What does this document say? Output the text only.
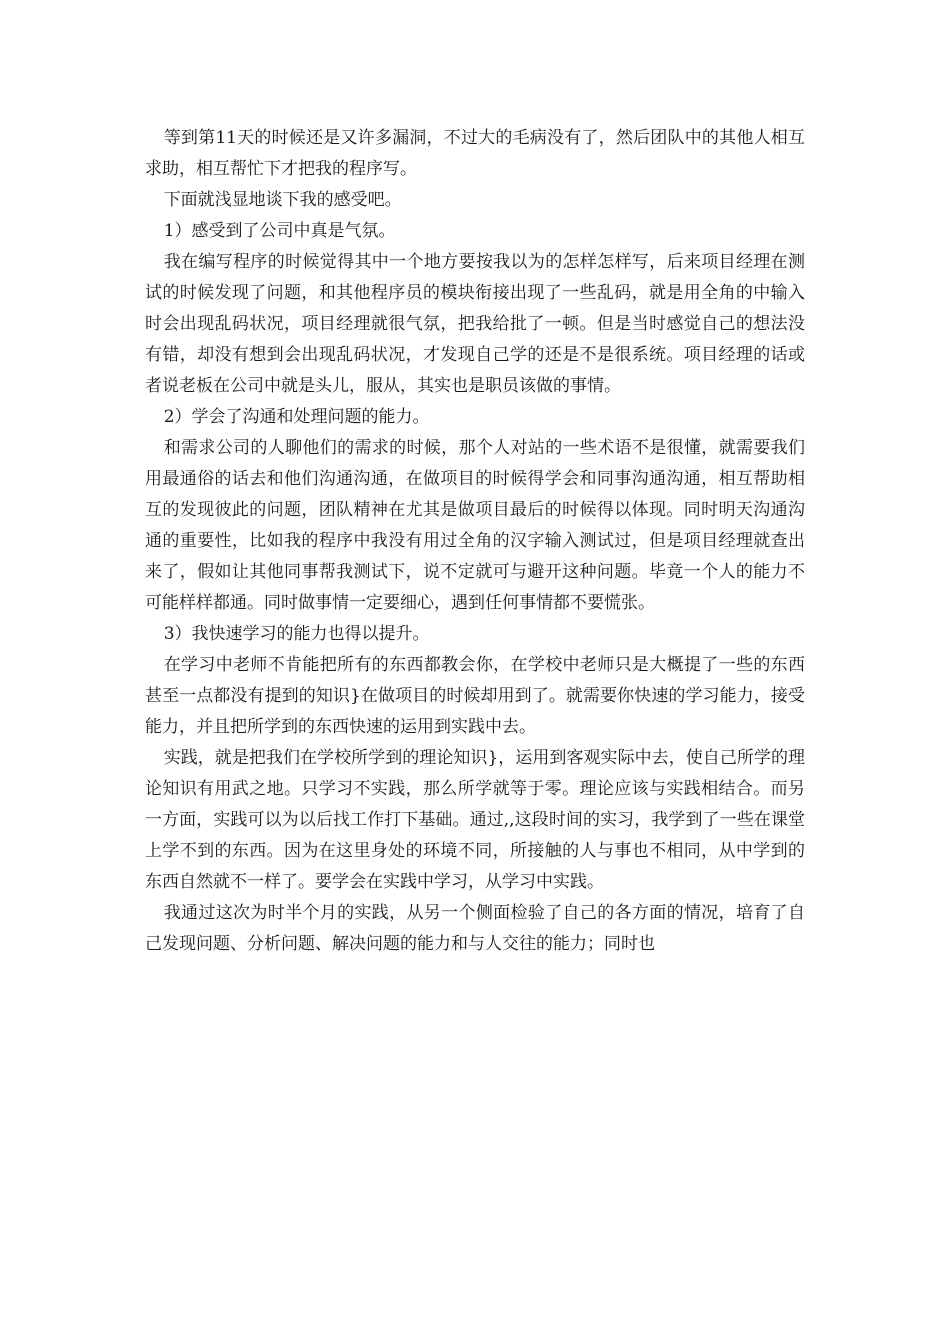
等到第11天的时候还是又许多漏洞，不过大的毛病没有了，然后团队中的其他人相互求助，相互帮忙下才把我的程序写。

下面就浅显地谈下我的感受吧。

1）感受到了公司中真是气氛。

我在编写程序的时候觉得其中一个地方要按我以为的怎样怎样写，后来项目经理在测试的时候发现了问题，和其他程序员的模块衔接出现了一些乱码，就是用全角的中输入时会出现乱码状况，项目经理就很气氛，把我给批了一顿。但是当时感觉自己的想法没有错，却没有想到会出现乱码状况，才发现自己学的还是不是很系统。项目经理的话或者说老板在公司中就是头儿，服从，其实也是职员该做的事情。

2）学会了沟通和处理问题的能力。

和需求公司的人聊他们的需求的时候，那个人对站的一些术语不是很懂，就需要我们用最通俗的话去和他们沟通沟通，在做项目的时候得学会和同事沟通沟通，相互帮助相互的发现彼此的问题，团队精神在尤其是做项目最后的时候得以体现。同时明天沟通沟通的重要性，比如我的程序中我没有用过全角的汉字输入测试过，但是项目经理就查出来了，假如让其他同事帮我测试下，说不定就可与避开这种问题。毕竟一个人的能力不可能样样都通。同时做事情一定要细心，遇到任何事情都不要慌张。

3）我快速学习的能力也得以提升。

在学习中老师不肯能把所有的东西都教会你，在学校中老师只是大概提了一些的东西甚至一点都没有提到的知识}在做项目的时候却用到了。就需要你快速的学习能力，接受能力，并且把所学到的东西快速的运用到实践中去。

实践，就是把我们在学校所学到的理论知识}，运用到客观实际中去，使自己所学的理论知识有用武之地。只学习不实践，那么所学就等于零。理论应该与实践相结合。而另一方面，实践可以为以后找工作打下基础。通过,,这段时间的实习，我学到了一些在课堂上学不到的东西。因为在这里身处的环境不同，所接触的人与事也不相同，从中学到的东西自然就不一样了。要学会在实践中学习，从学习中实践。

我通过这次为时半个月的实践，从另一个侧面检验了自己的各方面的情况，培育了自己发现问题、分析问题、解决问题的能力和与人交往的能力；同时也
